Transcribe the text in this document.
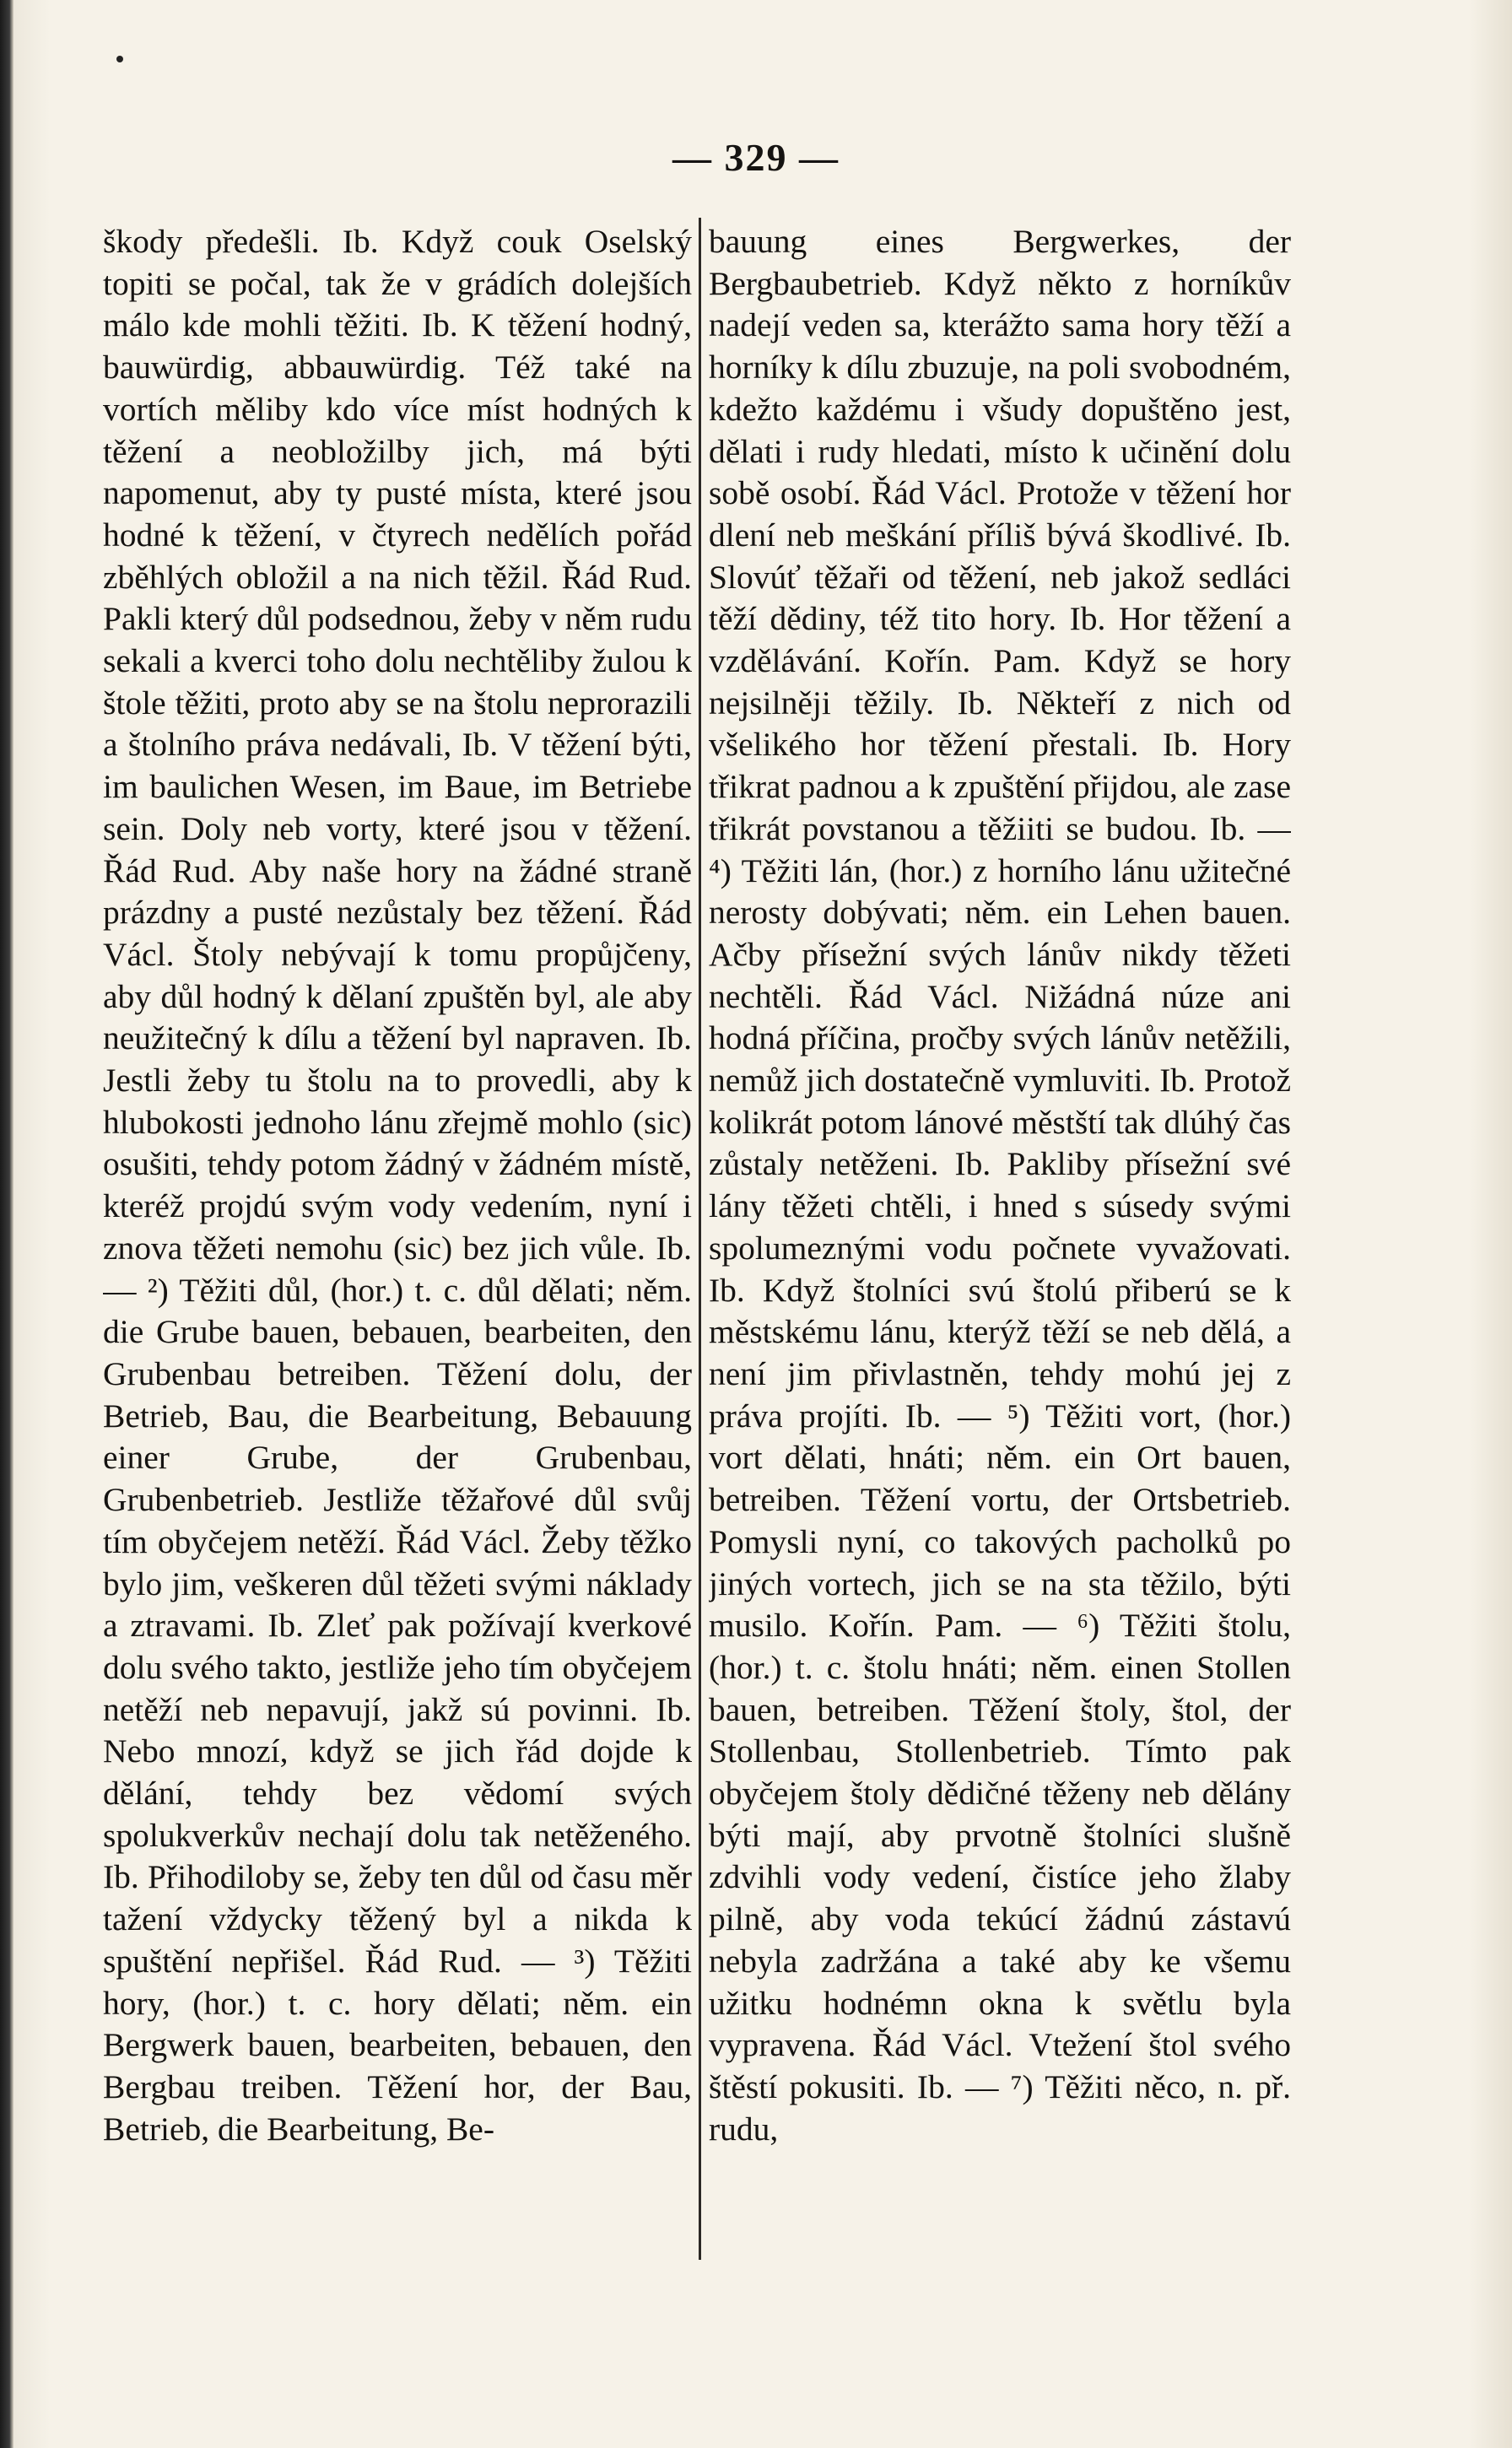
— 329 —

škody předešli. Ib. Když couk Oselský topiti se počal, tak že v grádích dolejších málo kde mohli těžiti. Ib. K těžení hodný, bauwürdig, abbauwürdig. Též také na vortích měliby kdo více míst hodných k těžení a neobložilby jich, má býti napomenut, aby ty pusté místa, které jsou hodné k těžení, v čtyrech nedělích pořád zběhlých obložil a na nich těžil. Řád Rud. Pakli který důl podsednou, žeby v něm rudu sekali a kverci toho dolu nechtěliby žulou k štole těžiti, proto aby se na štolu neprorazili a štolního práva nedávali, Ib. V těžení býti, im baulichen Wesen, im Baue, im Betriebe sein. Doly neb vorty, které jsou v těžení. Řád Rud. Aby naše hory na žádné straně prázdny a pusté nezůstaly bez těžení. Řád Václ. Štoly nebývají k tomu propůjčeny, aby důl hodný k dělaní zpuštěn byl, ale aby neužitečný k dílu a těžení byl napraven. Ib. Jestli žeby tu štolu na to provedli, aby k hlubokosti jednoho lánu zřejmě mohlo (sic) osušiti, tehdy potom žádný v žádném místě, kteréž projdú svým vody vedením, nyní i znova těžeti nemohu (sic) bez jich vůle. Ib. — ²) Těžiti důl, (hor.) t. c. důl dělati; něm. die Grube bauen, bebauen, bearbeiten, den Grubenbau betreiben. Těžení dolu, der Betrieb, Bau, die Bearbeitung, Bebauung einer Grube, der Grubenbau, Grubenbetrieb. Jestliže těžařové důl svůj tím obyčejem netěží. Řád Václ. Žeby těžko bylo jim, veškeren důl těžeti svými náklady a ztravami. Ib. Zleť pak požívají kverkové dolu svého takto, jestliže jeho tím obyčejem netěží neb nepavují, jakž sú povinni. Ib. Nebo mnozí, když se jich řád dojde k dělání, tehdy bez vědomí svých spolukverkův nechají dolu tak netěženého. Ib. Přihodiloby se, žeby ten důl od času měr tažení vždycky těžený byl a nikda k spuštění nepřišel. Řád Rud. — ³) Těžiti hory, (hor.) t. c. hory dělati; něm. ein Bergwerk bauen, bearbeiten, bebauen, den Bergbau treiben. Těžení hor, der Bau, Betrieb, die Bearbeitung, Be-

bauung eines Bergwerkes, der Bergbaubetrieb. Když někto z horníkův nadejí veden sa, kterážto sama hory těží a horníky k dílu zbuzuje, na poli svobodném, kdežto každému i všudy dopuštěno jest, dělati i rudy hledati, místo k učinění dolu sobě osobí. Řád Václ. Protože v těžení hor dlení neb meškání příliš bývá škodlivé. Ib. Slovúť těžaři od těžení, neb jakož sedláci těží dědiny, též tito hory. Ib. Hor těžení a vzdělávání. Kořín. Pam. Když se hory nejsilněji těžily. Ib. Někteří z nich od všelikého hor těžení přestali. Ib. Hory třikrat padnou a k zpuštění přijdou, ale zase třikrát povstanou a těžiiti se budou. Ib. — ⁴) Těžiti lán, (hor.) z horního lánu užitečné nerosty dobývati; něm. ein Lehen bauen. Ačby přísežní svých lánův nikdy těžeti nechtěli. Řád Václ. Nižádná núze ani hodná příčina, pročby svých lánův netěžili, nemůž jich dostatečně vymluviti. Ib. Protož kolikrát potom lánové městští tak dlúhý čas zůstaly netěženi. Ib. Pakliby přísežní své lány těžeti chtěli, i hned s súsedy svými spolumeznými vodu počnete vyvažovati. Ib. Když štolníci svú štolú přiberú se k městskému lánu, kterýž těží se neb dělá, a není jim přivlastněn, tehdy mohú jej z práva projíti. Ib. — ⁵) Těžiti vort, (hor.) vort dělati, hnáti; něm. ein Ort bauen, betreiben. Těžení vortu, der Ortsbetrieb. Pomysli nyní, co takových pacholků po jiných vortech, jich se na sta těžilo, býti musilo. Kořín. Pam. — ⁶) Těžiti štolu, (hor.) t. c. štolu hnáti; něm. einen Stollen bauen, betreiben. Těžení štoly, štol, der Stollenbau, Stollenbetrieb. Tímto pak obyčejem štoly dědičné těženy neb dělány býti mají, aby prvotně štolníci slušně zdvihli vody vedení, čistíce jeho žlaby pilně, aby voda tekúcí žádnú zástavú nebyla zadržána a také aby ke všemu užitku hodnémn okna k světlu byla vypravena. Řád Václ. Vtežení štol svého štěstí pokusiti. Ib. — ⁷) Těžiti něco, n. př. rudu,
